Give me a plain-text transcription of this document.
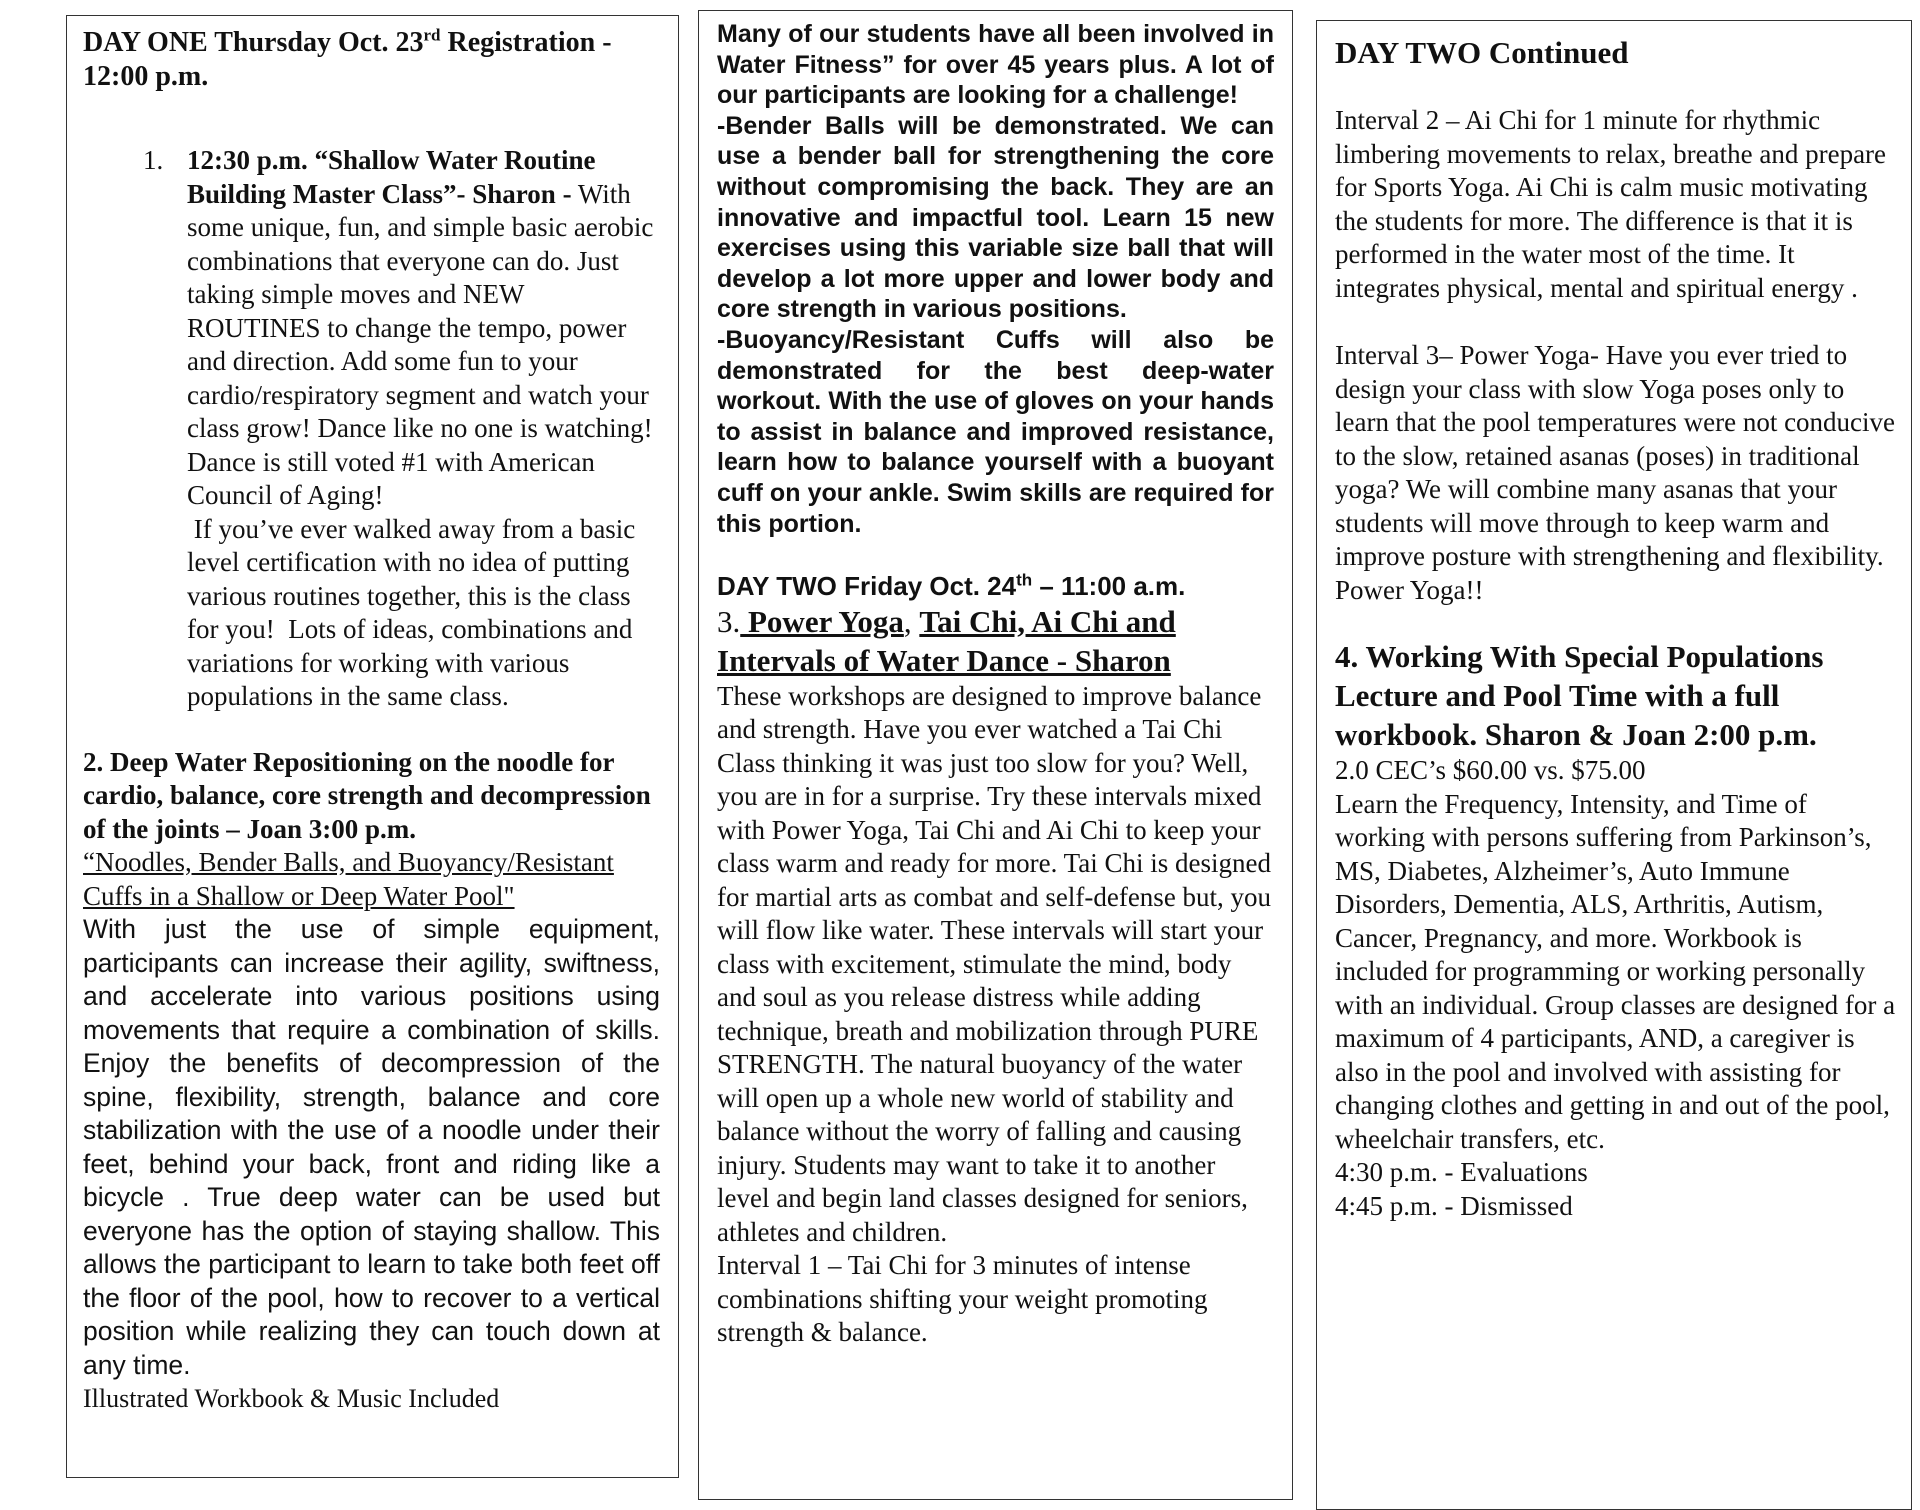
DAY ONE Thursday Oct. 23rd Registration - 12:00 p.m.

1. 12:30 p.m. “Shallow Water Routine Building Master Class”- Sharon - With some unique, fun, and simple basic aerobic combinations that everyone can do. Just taking simple moves and NEW ROUTINES to change the tempo, power and direction. Add some fun to your cardio/respiratory segment and watch your class grow! Dance like no one is watching! Dance is still voted #1 with American Council of Aging!

If you’ve ever walked away from a basic level certification with no idea of putting various routines together, this is the class for you!  Lots of ideas, combinations and variations for working with various populations in the same class.

2. Deep Water Repositioning on the noodle for cardio, balance, core strength and decompression of the joints – Joan 3:00 p.m.

“Noodles, Bender Balls, and Buoyancy/Resistant Cuffs in a Shallow or Deep Water Pool"

With just the use of simple equipment, participants can increase their agility, swiftness, and accelerate into various positions using movements that require a combination of skills. Enjoy the benefits of decompression of the spine, flexibility, strength, balance and core stabilization with the use of a noodle under their feet, behind your back, front and riding like a bicycle . True deep water can be used but everyone has the option of staying shallow. This allows the participant to learn to take both feet off the floor of the pool, how to recover to a vertical position while realizing they can touch down at any time.

Illustrated Workbook & Music Included

Many of our students have all been involved in Water Fitness” for over 45 years plus. A lot of our participants are looking for a challenge!

-Bender Balls will be demonstrated. We can use a bender ball for strengthening the core without compromising the back. They are an innovative and impactful tool. Learn 15 new exercises using this variable size ball that will develop a lot more upper and lower body and core strength in various positions.

-Buoyancy/Resistant Cuffs will also be demonstrated for the best deep-water workout. With the use of gloves on your hands to assist in balance and improved resistance, learn how to balance yourself with a buoyant cuff on your ankle. Swim skills are required for this portion.

DAY TWO Friday Oct. 24th – 11:00 a.m.

3. Power Yoga, Tai Chi, Ai Chi and Intervals of Water Dance - Sharon

These workshops are designed to improve balance and strength. Have you ever watched a Tai Chi Class thinking it was just too slow for you? Well, you are in for a surprise. Try these intervals mixed with Power Yoga, Tai Chi and Ai Chi to keep your class warm and ready for more. Tai Chi is designed for martial arts as combat and self-defense but, you will flow like water. These intervals will start your class with excitement, stimulate the mind, body and soul as you release distress while adding technique, breath and mobilization through PURE STRENGTH. The natural buoyancy of the water will open up a whole new world of stability and balance without the worry of falling and causing injury. Students may want to take it to another level and begin land classes designed for seniors, athletes and children.

Interval 1 – Tai Chi for 3 minutes of intense combinations shifting your weight promoting strength & balance.

DAY TWO Continued

Interval 2 – Ai Chi for 1 minute for rhythmic limbering movements to relax, breathe and prepare for Sports Yoga. Ai Chi is calm music motivating the students for more. The difference is that it is performed in the water most of the time. It integrates physical, mental and spiritual energy .

Interval 3– Power Yoga- Have you ever tried to design your class with slow Yoga poses only to learn that the pool temperatures were not conducive to the slow, retained asanas (poses) in traditional yoga? We will combine many asanas that your students will move through to keep warm and improve posture with strengthening and flexibility. Power Yoga!!

4. Working With Special Populations Lecture and Pool Time with a full workbook. Sharon & Joan 2:00 p.m.

2.0 CEC’s $60.00 vs. $75.00

Learn the Frequency, Intensity, and Time of working with persons suffering from Parkinson’s, MS, Diabetes, Alzheimer’s, Auto Immune Disorders, Dementia, ALS, Arthritis, Autism, Cancer, Pregnancy, and more. Workbook is included for programming or working personally with an individual. Group classes are designed for a maximum of 4 participants, AND, a caregiver is also in the pool and involved with assisting for changing clothes and getting in and out of the pool, wheelchair transfers, etc.

4:30 p.m. - Evaluations

4:45 p.m. - Dismissed
